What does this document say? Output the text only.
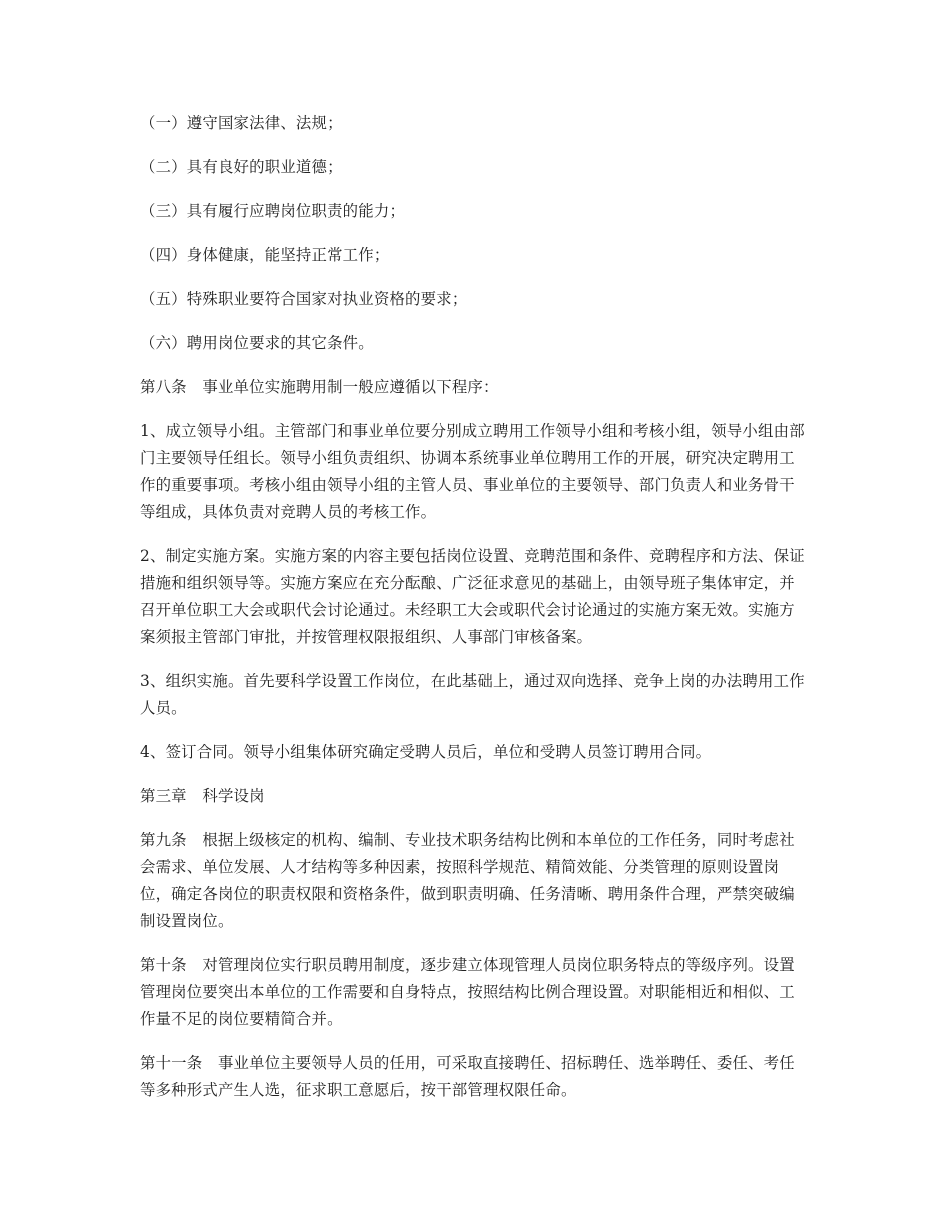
（一）遵守国家法律、法规；

（二）具有良好的职业道德；

（三）具有履行应聘岗位职责的能力；

（四）身体健康，能坚持正常工作；

（五）特殊职业要符合国家对执业资格的要求；

（六）聘用岗位要求的其它条件。

第八条　事业单位实施聘用制一般应遵循以下程序：

1、成立领导小组。主管部门和事业单位要分别成立聘用工作领导小组和考核小组，领导小组由部门主要领导任组长。领导小组负责组织、协调本系统事业单位聘用工作的开展，研究决定聘用工作的重要事项。考核小组由领导小组的主管人员、事业单位的主要领导、部门负责人和业务骨干等组成，具体负责对竞聘人员的考核工作。

2、制定实施方案。实施方案的内容主要包括岗位设置、竞聘范围和条件、竞聘程序和方法、保证措施和组织领导等。实施方案应在充分酝酿、广泛征求意见的基础上，由领导班子集体审定，并召开单位职工大会或职代会讨论通过。未经职工大会或职代会讨论通过的实施方案无效。实施方案须报主管部门审批，并按管理权限报组织、人事部门审核备案。

3、组织实施。首先要科学设置工作岗位，在此基础上，通过双向选择、竞争上岗的办法聘用工作人员。

4、签订合同。领导小组集体研究确定受聘人员后，单位和受聘人员签订聘用合同。

第三章　科学设岗

第九条　根据上级核定的机构、编制、专业技术职务结构比例和本单位的工作任务，同时考虑社会需求、单位发展、人才结构等多种因素，按照科学规范、精简效能、分类管理的原则设置岗位，确定各岗位的职责权限和资格条件，做到职责明确、任务清晰、聘用条件合理，严禁突破编制设置岗位。

第十条　对管理岗位实行职员聘用制度，逐步建立体现管理人员岗位职务特点的等级序列。设置管理岗位要突出本单位的工作需要和自身特点，按照结构比例合理设置。对职能相近和相似、工作量不足的岗位要精简合并。

第十一条　事业单位主要领导人员的任用，可采取直接聘任、招标聘任、选举聘任、委任、考任等多种形式产生人选，征求职工意愿后，按干部管理权限任命。
